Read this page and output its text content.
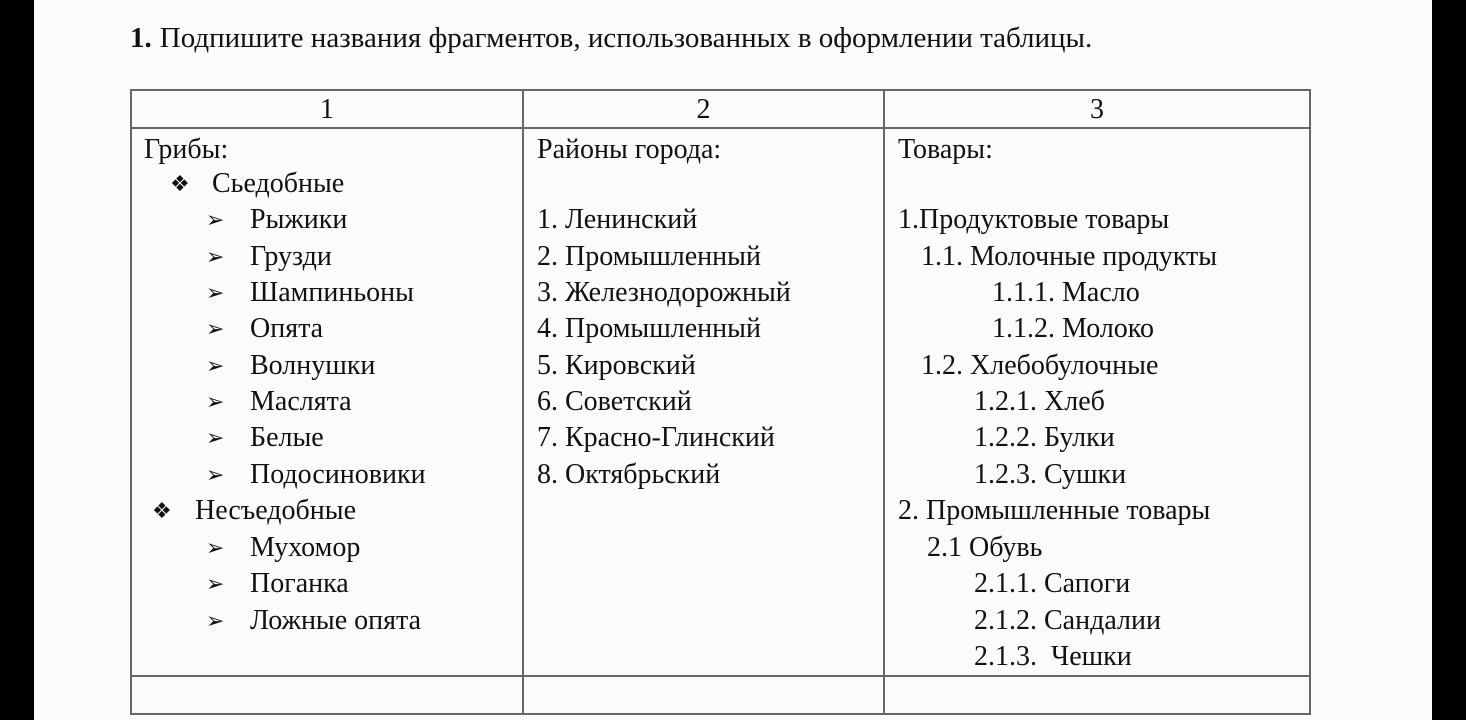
1. Подпишите названия фрагментов, использованных в оформлении таблицы.
1	2	3
Грибы:
❖ Сьедобные
➢ Рыжики
➢ Грузди
➢ Шампиньоны
➢ Опята
➢ Волнушки
➢ Маслята
➢ Белые
➢ Подосиновики
❖ Несъедобные
➢ Мухомор
➢ Поганка
➢ Ложные опята
Районы города:
1. Ленинский
2. Промышленный
3. Железнодорожный
4. Промышленный
5. Кировский
6. Советский
7. Красно-Глинский
8. Октябрьский
Товары:
1.Продуктовые товары
1.1. Молочные продукты
1.1.1. Масло
1.1.2. Молоко
1.2. Хлебобулочные
1.2.1. Хлеб
1.2.2. Булки
1.2.3. Сушки
2. Промышленные товары
2.1 Обувь
2.1.1. Сапоги
2.1.2. Сандалии
2.1.3.  Чешки
